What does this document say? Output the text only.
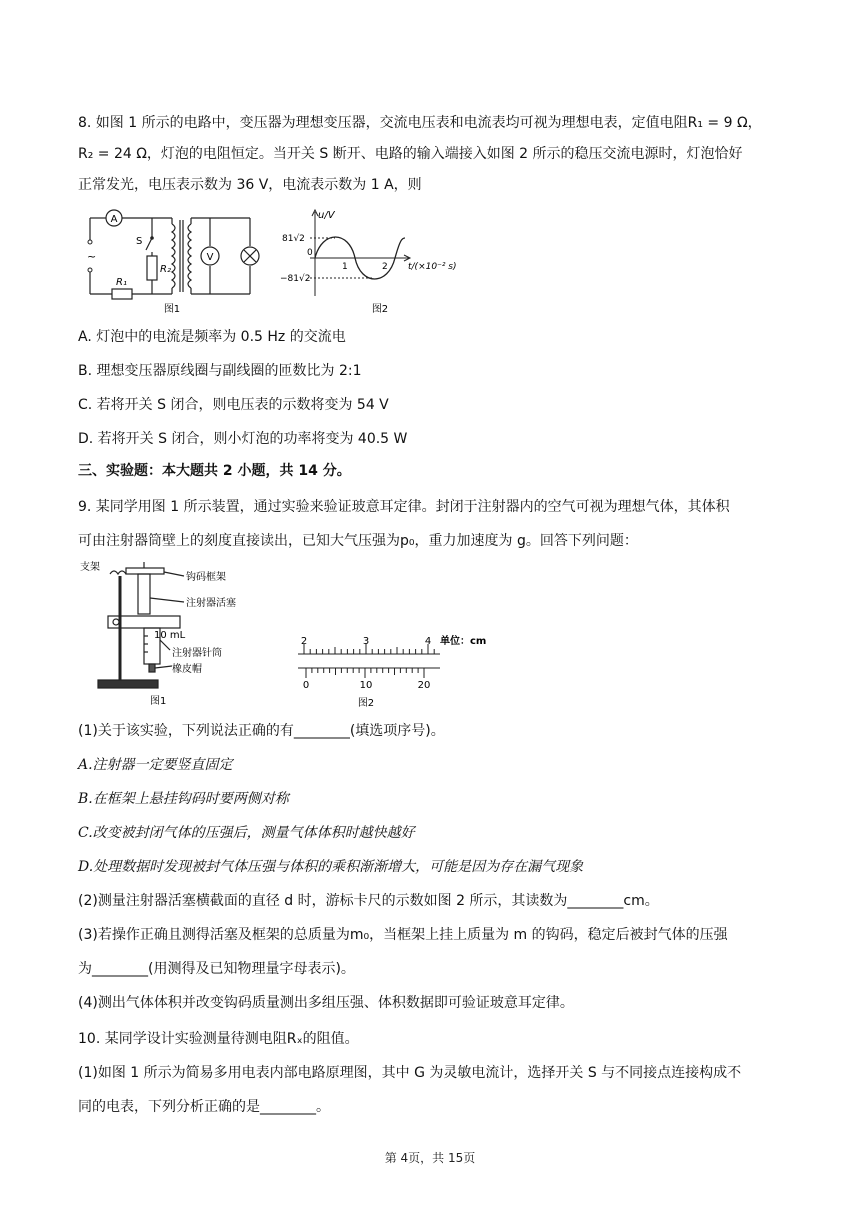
8. 如图 1 所示的电路中，变压器为理想变压器，交流电压表和电流表均可视为理想电表，定值电阻R₁ = 9 Ω，
R₂ = 24 Ω，灯泡的电阻恒定。当开关 S 断开、电路的输入端接入如图 2 所示的稳压交流电源时，灯泡恰好
正常发光，电压表示数为 36 V，电流表示数为 1 A，则
A
~
S
R₂
R₁
V
图1
u/V
81√2
0
−81√2
1	2 t/(×10⁻² s)
图2
A. 灯泡中的电流是频率为 0.5 Hz 的交流电
B. 理想变压器原线圈与副线圈的匝数比为 2:1
C. 若将开关 S 闭合，则电压表的示数将变为 54 V
D. 若将开关 S 闭合，则小灯泡的功率将变为 40.5 W
三、实验题：本大题共 2 小题，共 14 分。
9. 某同学用图 1 所示装置，通过实验来验证玻意耳定律。封闭于注射器内的空气可视为理想气体，其体积
可由注射器筒壁上的刻度直接读出，已知大气压强为p₀，重力加速度为 g。回答下列问题：
支架
钩码框架
注射器活塞
10 mL
注射器针筒
橡皮帽
图1
2	3	4 单位：cm
0	10	20
图2
(1)关于该实验，下列说法正确的有________(填选项序号)。
A.注射器一定要竖直固定
B.在框架上悬挂钩码时要两侧对称
C.改变被封闭气体的压强后，测量气体体积时越快越好
D.处理数据时发现被封气体压强与体积的乘积渐渐增大，可能是因为存在漏气现象
(2)测量注射器活塞横截面的直径 d 时，游标卡尺的示数如图 2 所示，其读数为________cm。
(3)若操作正确且测得活塞及框架的总质量为m₀，当框架上挂上质量为 m 的钩码，稳定后被封气体的压强
为________(用测得及已知物理量字母表示)。
(4)测出气体体积并改变钩码质量测出多组压强、体积数据即可验证玻意耳定律。
10. 某同学设计实验测量待测电阻Rₓ的阻值。
(1)如图 1 所示为简易多用电表内部电路原理图，其中 G 为灵敏电流计，选择开关 S 与不同接点连接构成不
同的电表，下列分析正确的是________。
第 4页，共 15页
